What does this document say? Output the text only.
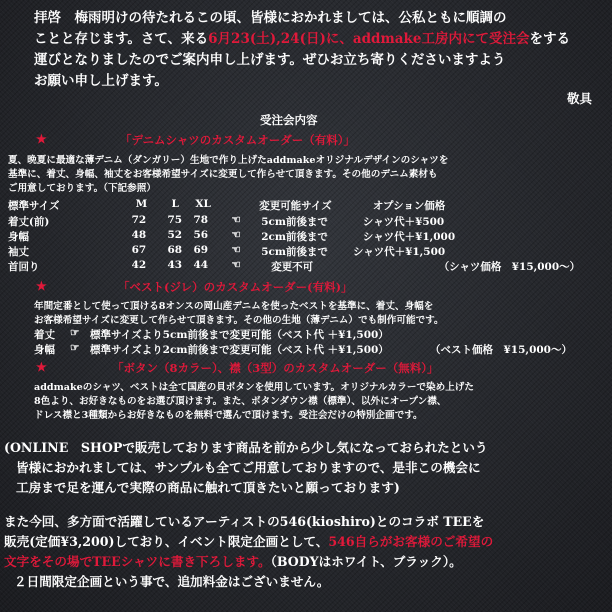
拝啓　梅雨明けの待たれるこの頃、皆様におかれましては、公私ともに順調の
ことと存じます。さて、来る6月23(土),24(日)に、addmake工房内にて受注会をする
運びとなりましたのでご案内申し上げます。ぜひお立ち寄りくださいますよう
お願い申し上げます。
敬具
受注会内容
★	「デニムシャツのカスタムオーダー（有料）」
夏、晩夏に最適な薄デニム（ダンガリー）生地で作り上げたaddmakeオリジナルデザインのシャツを
基準に、着丈、身幅、袖丈をお客様希望サイズに変更して作らせて頂きます。その他のデニム素材も
ご用意しております。（下記参照）
標準サイズ	M L XL	変更可能サイズ	オプション価格
着丈(前)	72 75 78 ☜ 5cm前後まで	シャツ代＋¥500
身幅	48 52 56 ☜ 2cm前後まで	シャツ代＋¥1,000
袖丈	67 68 69 ☜ 5cm前後まで シャツ代＋¥1,500
首回り	42 43 44 ☜	変更不可	（シャツ価格　¥15,000～）
★	「ベスト(ジレ）のカスタムオーダー(有料)」
年間定番として使って頂ける8オンスの岡山産デニムを使ったベストを基準に、着丈、身幅を
お客様希望サイズに変更して作らせて頂きます。その他の生地（薄デニム）でも制作可能です。
着丈 ☞ 標準サイズより5cm前後まで変更可能（ベスト代 ＋¥1,500）
身幅 ☞ 標準サイズより2cm前後まで変更可能（ベスト代 ＋¥1,500）	（ベスト価格　¥15,000～）
★	「ボタン（8カラー）、襟（3型）のカスタムオーダー（無料）」
addmakeのシャツ、ベストは全て国産の貝ボタンを使用しています。オリジナルカラーで染め上げた
8色より、お好きなものをお選び頂けます。また、ボタンダウン襟（標準）、以外にオープン襟、
ドレス襟と3種類からお好きなものを無料で選んで頂けます。受注会だけの特別企画です。
(ONLINE　SHOPで販売しております商品を前から少し気になっておられたという
皆様におかれましては、サンプルも全てご用意しておりますので、是非この機会に
工房まで足を運んで実際の商品に触れて頂きたいと願っております)
また今回、多方面で活躍しているアーティストの546(kioshiro)とのコラボ TEEを
販売(定価¥3,200)しており、イベント限定企画として、546自らがお客様のご希望の
文字をその場でTEEシャツに書き下ろします。（BODYはホワイト、ブラック）。
２日間限定企画という事で、追加料金はございません。
